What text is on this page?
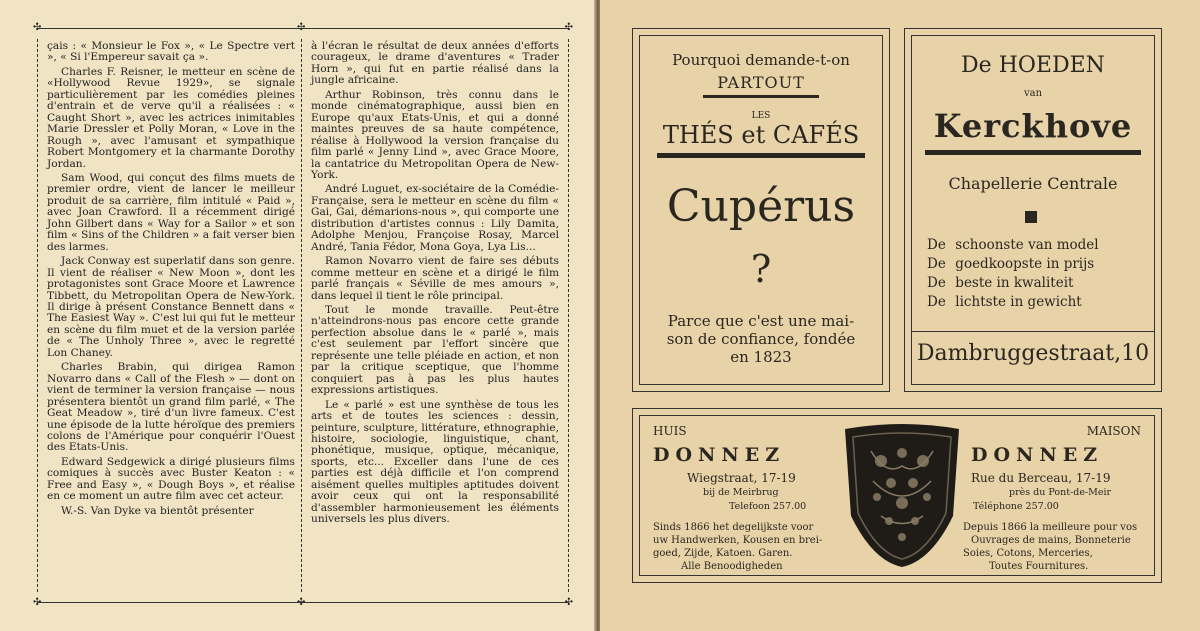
✣	✣
✣	✣
✣
✣

çais : « Monsieur le Fox », « Le Spectre vert », « Si l'Empereur savait ça ».

Charles F. Reisner, le metteur en scène de «Hollywood Revue 1929», se signale particulièrement par les comédies pleines d'entrain et de verve qu'il a réalisées : « Caught Short », avec les actrices inimitables Marie Dressler et Polly Moran, « Love in the Rough », avec l'amusant et sympathique Robert Montgomery et la charmante Dorothy Jordan.

Sam Wood, qui conçut des films muets de premier ordre, vient de lancer le meilleur produit de sa carrière, film intitulé « Paid », avec Joan Crawford. Il a récemment dirigé John Gilbert dans « Way for a Sailor » et son film « Sins of the Children » a fait verser bien des larmes.

Jack Conway est superlatif dans son genre. Il vient de réaliser « New Moon », dont les protagonistes sont Grace Moore et Lawrence Tibbett, du Metropolitan Opera de New-York. Il dirige à présent Constance Bennett dans « The Easiest Way ». C'est lui qui fut le metteur en scène du film muet et de la version parlée de « The Unholy Three », avec le regretté Lon Chaney.

Charles Brabin, qui dirigea Ramon Novarro dans « Call of the Flesh » — dont on vient de terminer la version française — nous présentera bientôt un grand film parlé, « The Geat Meadow », tiré d'un livre fameux. C'est une épisode de la lutte héroïque des premiers colons de l'Amérique pour conquérir l'Ouest des Etats-Unis.

Edward Sedgewick a dirigé plusieurs films comiques à succès avec Buster Keaton : « Free and Easy », « Dough Boys », et réalise en ce moment un autre film avec cet acteur.

W.-S. Van Dyke va bientôt présenter

à l'écran le résultat de deux années d'efforts courageux, le drame d'aventures « Trader Horn », qui fut en partie réalisé dans la jungle africaine.

Arthur Robinson, très connu dans le monde cinématographique, aussi bien en Europe qu'aux Etats-Unis, et qui a donné maintes preuves de sa haute compétence, réalise à Hollywood la version française du film parlé « Jenny Lind », avec Grace Moore, la cantatrice du Metropolitan Opera de New-York.

André Luguet, ex-sociétaire de la Comédie-Française, sera le metteur en scène du film « Gai, Gai, démarions-nous », qui comporte une distribution d'artistes connus : Lily Damita, Adolphe Menjou, Françoise Rosay, Marcel André, Tania Fédor, Mona Goya, Lya Lis...

Ramon Novarro vient de faire ses débuts comme metteur en scène et a dirigé le film parlé français « Séville de mes amours », dans lequel il tient le rôle principal.

Tout le monde travaille. Peut-être n'atteindrons-nous pas encore cette grande perfection absolue dans le « parlé », mais c'est seulement par l'effort sincère que représente une telle pléiade en action, et non par la critique sceptique, que l'homme conquiert pas à pas les plus hautes expressions artistiques.

Le « parlé » est une synthèse de tous les arts et de toutes les sciences : dessin, peinture, sculpture, littérature, ethnographie, histoire, sociologie, linguistique, chant, phonétique, musique, optique, mécanique, sports, etc... Exceller dans l'une de ces parties est déjà difficile et l'on comprend aisément quelles multiples aptitudes doivent avoir ceux qui ont la responsabilité d'assembler harmonieusement les éléments universels les plus divers.

Pourquoi demande-t-on
PARTOUT
LES
THÉS et CAFÉS
Cupérus
?
Parce que c'est une mai-
son de confiance, fondée
en 1823
De HOEDEN
van
Kerckhove
Chapellerie Centrale
De schoonste van model
De goedkoopste in prijs
De beste in kwaliteit
De lichtste in gewicht
Dambruggestraat,10
HUIS
DONNEZ
Wiegstraat, 17-19
bij de Meirbrug
Telefoon 257.00
Sinds 1866 het degelijkste voor
uw Handwerken, Kousen en brei-
goed, Zijde, Katoen. Garen.
Alle Benoodigheden
MAISON
DONNEZ
Rue du Berceau, 17-19
près du Pont-de-Meir
Téléphone 257.00
Depuis 1866 la meilleure pour vos
Ouvrages de mains, Bonneterie
Soies, Cotons, Merceries,
Toutes Fournitures.
